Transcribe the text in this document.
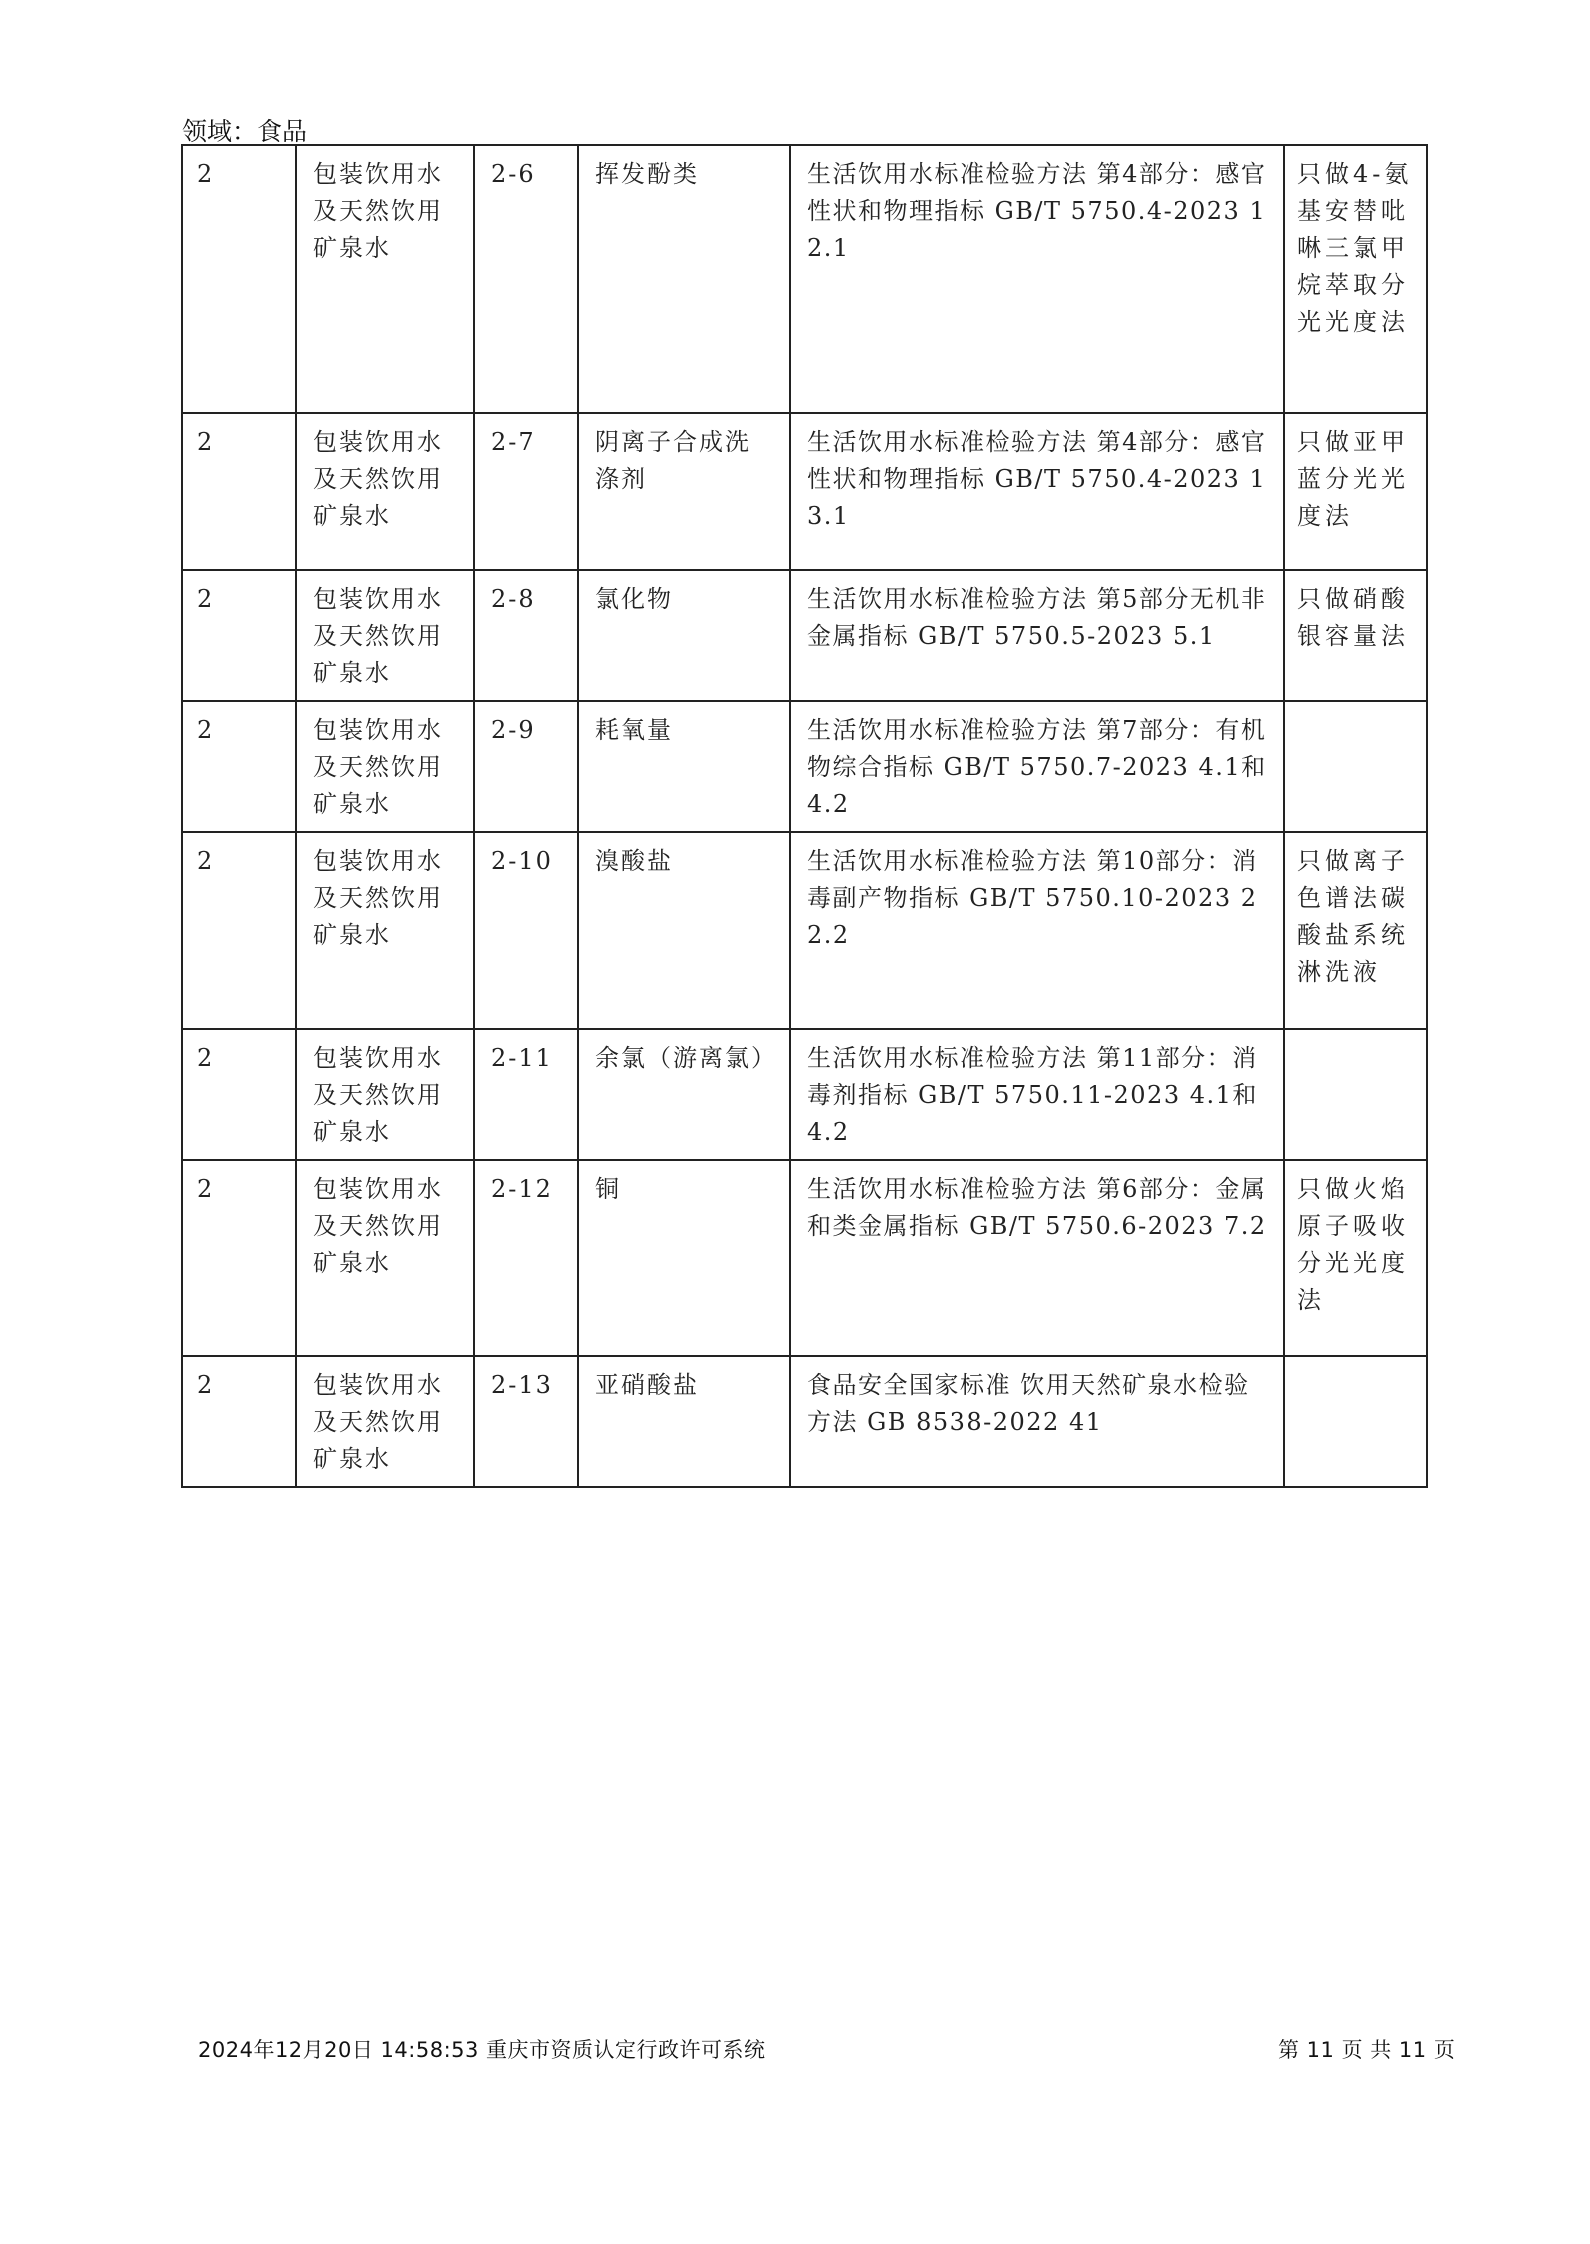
领域：食品
2	包装饮用水及天然饮用矿泉水	2-6	挥发酚类	生活饮用水标准检验方法 第4部分：感官性状和物理指标 GB/T 5750.4-2023 12.1	只做4-氨基安替吡啉三氯甲烷萃取分光光度法
2	包装饮用水及天然饮用矿泉水	2-7	阴离子合成洗涤剂	生活饮用水标准检验方法 第4部分：感官性状和物理指标 GB/T 5750.4-2023 13.1	只做亚甲蓝分光光度法
2	包装饮用水及天然饮用矿泉水	2-8	氯化物	生活饮用水标准检验方法 第5部分无机非金属指标 GB/T 5750.5-2023 5.1	只做硝酸银容量法
2	包装饮用水及天然饮用矿泉水	2-9	耗氧量	生活饮用水标准检验方法 第7部分：有机物综合指标 GB/T 5750.7-2023 4.1和4.2	
2	包装饮用水及天然饮用矿泉水	2-10	溴酸盐	生活饮用水标准检验方法 第10部分：消毒副产物指标 GB/T 5750.10-2023 22.2	只做离子色谱法碳酸盐系统淋洗液
2	包装饮用水及天然饮用矿泉水	2-11	余氯（游离氯）	生活饮用水标准检验方法 第11部分：消毒剂指标 GB/T 5750.11-2023 4.1和4.2	
2	包装饮用水及天然饮用矿泉水	2-12	铜	生活饮用水标准检验方法 第6部分：金属和类金属指标 GB/T 5750.6-2023 7.2	只做火焰原子吸收分光光度法
2	包装饮用水及天然饮用矿泉水	2-13	亚硝酸盐	食品安全国家标准 饮用天然矿泉水检验方法 GB 8538-2022 41	
2024年12月20日 14:58:53 重庆市资质认定行政许可系统	第 11 页 共 11 页
